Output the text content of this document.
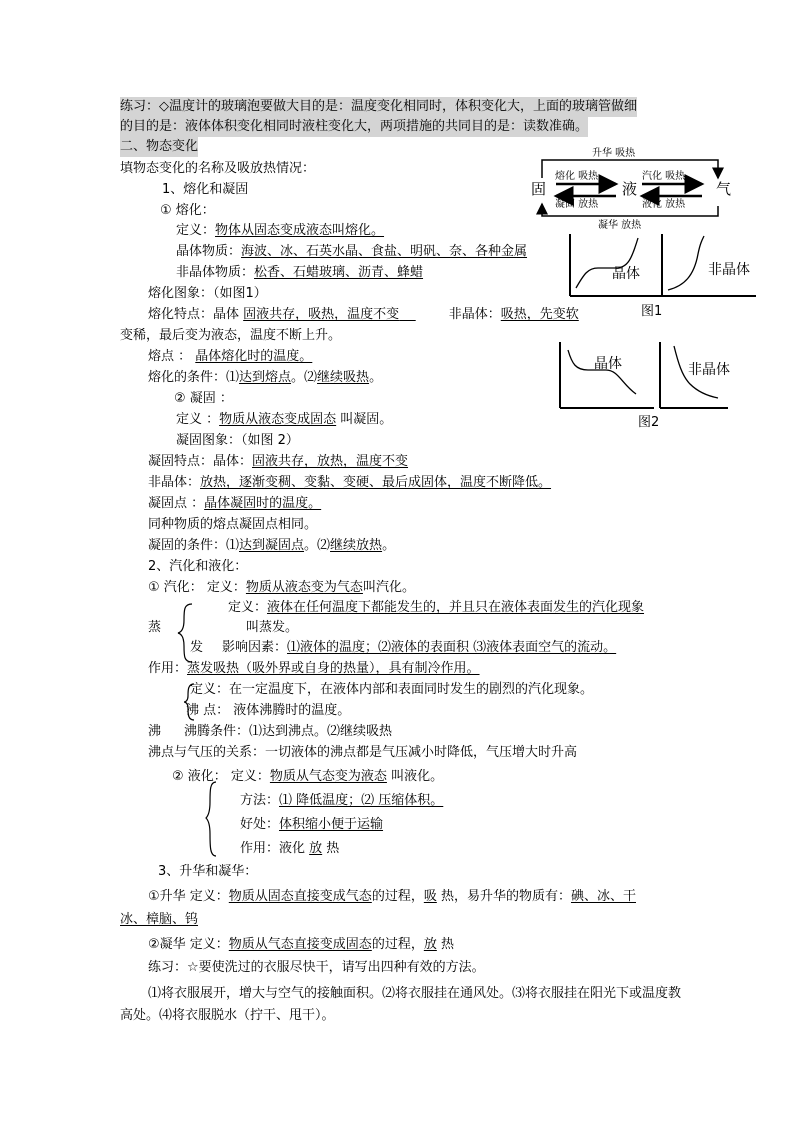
练习：◇温度计的玻璃泡要做大目的是：温度变化相同时，体积变化大，上面的玻璃管做细
的目的是：液体体积变化相同时液柱变化大，两项措施的共同目的是：读数准确。
二、物态变化
填物态变化的名称及吸放热情况：
升华 吸热
固	液	气
熔化 吸热
凝固 放热
汽化 吸热
液化 放热
凝华 放热
晶体	非晶体
图1
晶体	非晶体
图2
1、熔化和凝固
① 熔化：
定义：物体从固态变成液态叫熔化。
晶体物质：海波、冰、石英水晶、食盐、明矾、奈、各种金属
非晶体物质：松香、石蜡玻璃、沥青、蜂蜡
熔化图象：（如图1）
熔化特点：晶体 固液共存，吸热，温度不变	非晶体：吸热，先变软
变稀，最后变为液态，温度不断上升。
熔点 ： 晶体熔化时的温度。
熔化的条件：⑴达到熔点。⑵继续吸热。
② 凝固 ：
定义 ：物质从液态变成固态 叫凝固。
凝固图象：（如图 2）
凝固特点：晶体：固液共存，放热，温度不变
非晶体：放热，逐渐变稠、变黏、变硬、最后成固体，温度不断降低。
凝固点 ：晶体凝固时的温度。
同种物质的熔点凝固点相同。
凝固的条件：⑴达到凝固点。⑵继续放热。
2、汽化和液化：
① 汽化： 定义：物质从液态变为气态叫汽化。
定义：液体在任何温度下都能发生的，并且只在液体表面发生的汽化现象
蒸	叫蒸发。
发 影响因素：⑴液体的温度；⑵液体的表面积 ⑶液体表面空气的流动。
作用：蒸发吸热（吸外界或自身的热量），具有制冷作用。
定义：在一定温度下，在液体内部和表面同时发生的剧烈的汽化现象。
沸 点： 液体沸腾时的温度。
沸 沸腾条件：⑴达到沸点。⑵继续吸热
沸点与气压的关系：一切液体的沸点都是气压减小时降低，气压增大时升高
② 液化： 定义：物质从气态变为液态 叫液化。
方法：⑴ 降低温度；⑵ 压缩体积。
好处：体积缩小便于运输
作用：液化 放 热
3、升华和凝华：
①升华 定义：物质从固态直接变成气态的过程，吸 热，易升华的物质有：碘、冰、干
冰、樟脑、钨
②凝华 定义：物质从气态直接变成固态的过程，放 热
练习：☆要使洗过的衣服尽快干，请写出四种有效的方法。
⑴将衣服展开，增大与空气的接触面积。⑵将衣服挂在通风处。⑶将衣服挂在阳光下或温度教
高处。⑷将衣服脱水（拧干、甩干）。
